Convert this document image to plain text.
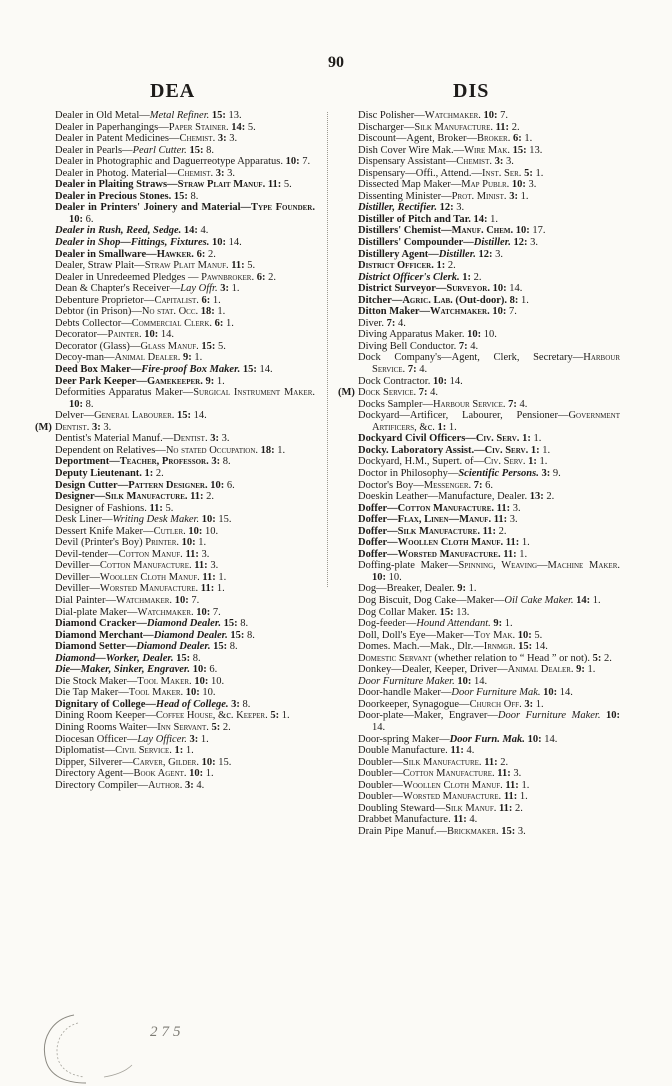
90
DEA	DIS

Dealer in Old Metal—Metal Refiner. 15: 13.

Dealer in Paperhangings—Paper Stainer. 14: 5.

Dealer in Patent Medicines—Chemist. 3: 3.

Dealer in Pearls—Pearl Cutter. 15: 8.

Dealer in Photographic and Daguerreotype Apparatus. 10: 7.

Dealer in Photog. Material—Chemist. 3: 3.

Dealer in Plaiting Straws—Straw Plait Manuf. 11: 5.

Dealer in Precious Stones. 15: 8.

Dealer in Printers' Joinery and Material—Type Founder. 10: 6.

Dealer in Rush, Reed, Sedge. 14: 4.

Dealer in Shop—Fittings, Fixtures. 10: 14.

Dealer in Smallware—Hawker. 6: 2.

Dealer, Straw Plait—Straw Plait Manuf. 11: 5.

Dealer in Unredeemed Pledges — Pawnbroker. 6: 2.

Dean & Chapter's Receiver—Lay Offr. 3: 1.

Debenture Proprietor—Capitalist. 6: 1.

Debtor (in Prison)—No stat. Occ. 18: 1.

Debts Collector—Commercial Clerk. 6: 1.

Decorator—Painter. 10: 14.

Decorator (Glass)—Glass Manuf. 15: 5.

Decoy-man—Animal Dealer. 9: 1.

Deed Box Maker—Fire-proof Box Maker. 15: 14.

Deer Park Keeper—Gamekeeper. 9: 1.

Deformities Apparatus Maker—Surgical Instrument Maker. 10: 8.

Delver—General Labourer. 15: 14.

(M) Dentist. 3: 3.

Dentist's Material Manuf.—Dentist. 3: 3.

Dependent on Relatives—No stated Occupation. 18: 1.

Deportment—Teacher, Professor. 3: 8.

Deputy Lieutenant. 1: 2.

Design Cutter—Pattern Designer. 10: 6.

Designer—Silk Manufacture. 11: 2.

Designer of Fashions. 11: 5.

Desk Liner—Writing Desk Maker. 10: 15.

Dessert Knife Maker—Cutler. 10: 10.

Devil (Printer's Boy) Printer. 10: 1.

Devil-tender—Cotton Manuf. 11: 3.

Deviller—Cotton Manufacture. 11: 3.

Deviller—Woollen Cloth Manuf. 11: 1.

Deviller—Worsted Manufacture. 11: 1.

Dial Painter—Watchmaker. 10: 7.

Dial-plate Maker—Watchmaker. 10: 7.

Diamond Cracker—Diamond Dealer. 15: 8.

Diamond Merchant—Diamond Dealer. 15: 8.

Diamond Setter—Diamond Dealer. 15: 8.

Diamond—Worker, Dealer. 15: 8.

Die—Maker, Sinker, Engraver. 10: 6.

Die Stock Maker—Tool Maker. 10: 10.

Die Tap Maker—Tool Maker. 10: 10.

Dignitary of College—Head of College. 3: 8.

Dining Room Keeper—Coffee House, &c. Keeper. 5: 1.

Dining Rooms Waiter—Inn Servant. 5: 2.

Diocesan Officer—Lay Officer. 3: 1.

Diplomatist—Civil Service. 1: 1.

Dipper, Silverer—Carver, Gilder. 10: 15.

Directory Agent—Book Agent. 10: 1.

Directory Compiler—Author. 3: 4.

Disc Polisher—Watchmaker. 10: 7.

Discharger—Silk Manufacture. 11: 2.

Discount—Agent, Broker—Broker. 6: 1.

Dish Cover Wire Mak.—Wire Mak. 15: 13.

Dispensary Assistant—Chemist. 3: 3.

Dispensary—Offi., Attend.—Inst. Ser. 5: 1.

Dissected Map Maker—Map Publr. 10: 3.

Dissenting Minister—Prot. Minist. 3: 1.

Distiller, Rectifier. 12: 3.

Distiller of Pitch and Tar. 14: 1.

Distillers' Chemist—Manuf. Chem. 10: 17.

Distillers' Compounder—Distiller. 12: 3.

Distillery Agent—Distiller. 12: 3.

District Officer. 1: 2.

District Officer's Clerk. 1: 2.

District Surveyor—Surveyor. 10: 14.

Ditcher—Agric. Lab. (Out-door). 8: 1.

Ditton Maker—Watchmaker. 10: 7.

Diver. 7: 4.

Diving Apparatus Maker. 10: 10.

Diving Bell Conductor. 7: 4.

Dock Company's—Agent, Clerk, Secretary—Harbour Service. 7: 4.

Dock Contractor. 10: 14.

(M) Dock Service. 7: 4.

Docks Sampler—Harbour Service. 7: 4.

Dockyard—Artificer, Labourer, Pensioner—Government Artificers, &c. 1: 1.

Dockyard Civil Officers—Civ. Serv. 1: 1.

Docky. Laboratory Assist.—Civ. Serv. 1: 1.

Dockyard, H.M., Supert. of—Civ. Serv. 1: 1.

Doctor in Philosophy—Scientific Persons. 3: 9.

Doctor's Boy—Messenger. 7: 6.

Doeskin Leather—Manufacture, Dealer. 13: 2.

Doffer—Cotton Manufacture. 11: 3.

Doffer—Flax, Linen—Manuf. 11: 3.

Doffer—Silk Manufacture. 11: 2.

Doffer—Woollen Cloth Manuf. 11: 1.

Doffer—Worsted Manufacture. 11: 1.

Doffing-plate Maker—Spinning, Weaving—Machine Maker. 10: 10.

Dog—Breaker, Dealer. 9: 1.

Dog Biscuit, Dog Cake—Maker—Oil Cake Maker. 14: 1.

Dog Collar Maker. 15: 13.

Dog-feeder—Hound Attendant. 9: 1.

Doll, Doll's Eye—Maker—Toy Mak. 10: 5.

Domes. Mach.—Mak., Dlr.—Irnmgr. 15: 14.

Domestic Servant (whether relation to “ Head ” or not). 5: 2.

Donkey—Dealer, Keeper, Driver—Animal Dealer. 9: 1.

Door Furniture Maker. 10: 14.

Door-handle Maker—Door Furniture Mak. 10: 14.

Doorkeeper, Synagogue—Church Off. 3: 1.

Door-plate—Maker, Engraver—Door Furniture Maker. 10: 14.

Door-spring Maker—Door Furn. Mak. 10: 14.

Double Manufacture. 11: 4.

Doubler—Silk Manufacture. 11: 2.

Doubler—Cotton Manufacture. 11: 3.

Doubler—Woollen Cloth Manuf. 11: 1.

Doubler—Worsted Manufacture. 11: 1.

Doubling Steward—Silk Manuf. 11: 2.

Drabbet Manufacture. 11: 4.

Drain Pipe Manuf.—Brickmaker. 15: 3.

275
